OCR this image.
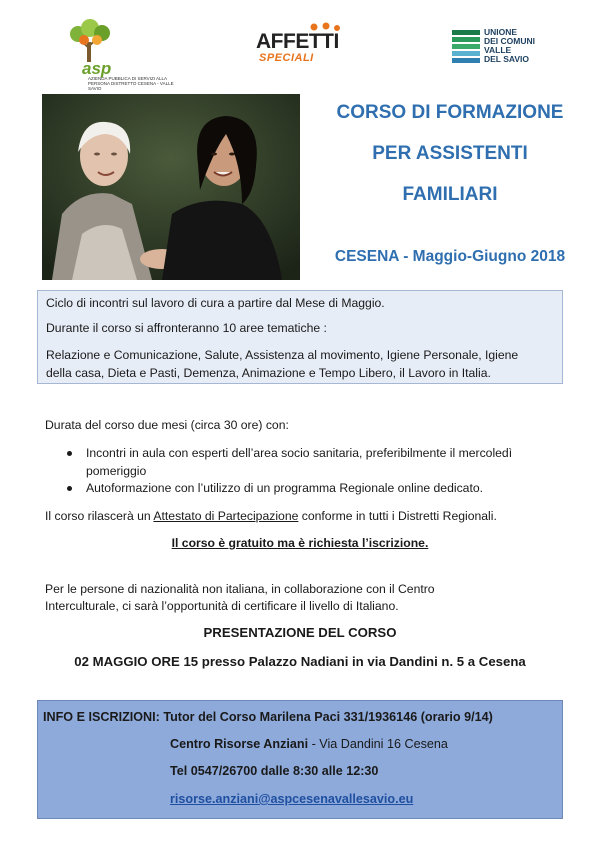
asp
AZIENDA PUBBLICA DI SERVIZI ALLA PERSONA DISTRETTO CESENA - VALLE SAVIO
AFFETTI
SPECIALI
UNIONE
DEI COMUNI
VALLE
DEL SAVIO
CORSO DI FORMAZIONE
PER ASSISTENTI
FAMILIARI
CESENA - Maggio-Giugno 2018

Ciclo di incontri sul lavoro di cura a partire dal Mese di Maggio.

Durante il corso si affronteranno 10 aree tematiche :

Relazione e Comunicazione, Salute, Assistenza al movimento, Igiene Personale, Igiene

della casa, Dieta e Pasti, Demenza, Animazione e Tempo Libero, il Lavoro in Italia.

Durata del corso due mesi (circa 30 ore) con:
Incontri in aula con esperti dell’area socio sanitaria, preferibilmente il mercoledì
pomeriggio
Autoformazione con l’utilizzo di un programma Regionale online dedicato.
Il corso rilascerà un Attestato di Partecipazione conforme in tutti i Distretti Regionali.
Il corso è gratuito ma è richiesta l’iscrizione.
Per le persone di nazionalità non italiana, in collaborazione con il Centro
Interculturale, ci sarà l’opportunità di certificare il livello di Italiano.
PRESENTAZIONE DEL CORSO
02 MAGGIO ORE 15 presso Palazzo Nadiani in via Dandini n. 5 a Cesena
INFO E ISCRIZIONI: Tutor del Corso Marilena Paci 331/1936146 (orario 9/14)
Centro Risorse Anziani - Via Dandini 16 Cesena
Tel 0547/26700 dalle 8:30 alle 12:30
risorse.anziani@aspcesenavallesavio.eu
